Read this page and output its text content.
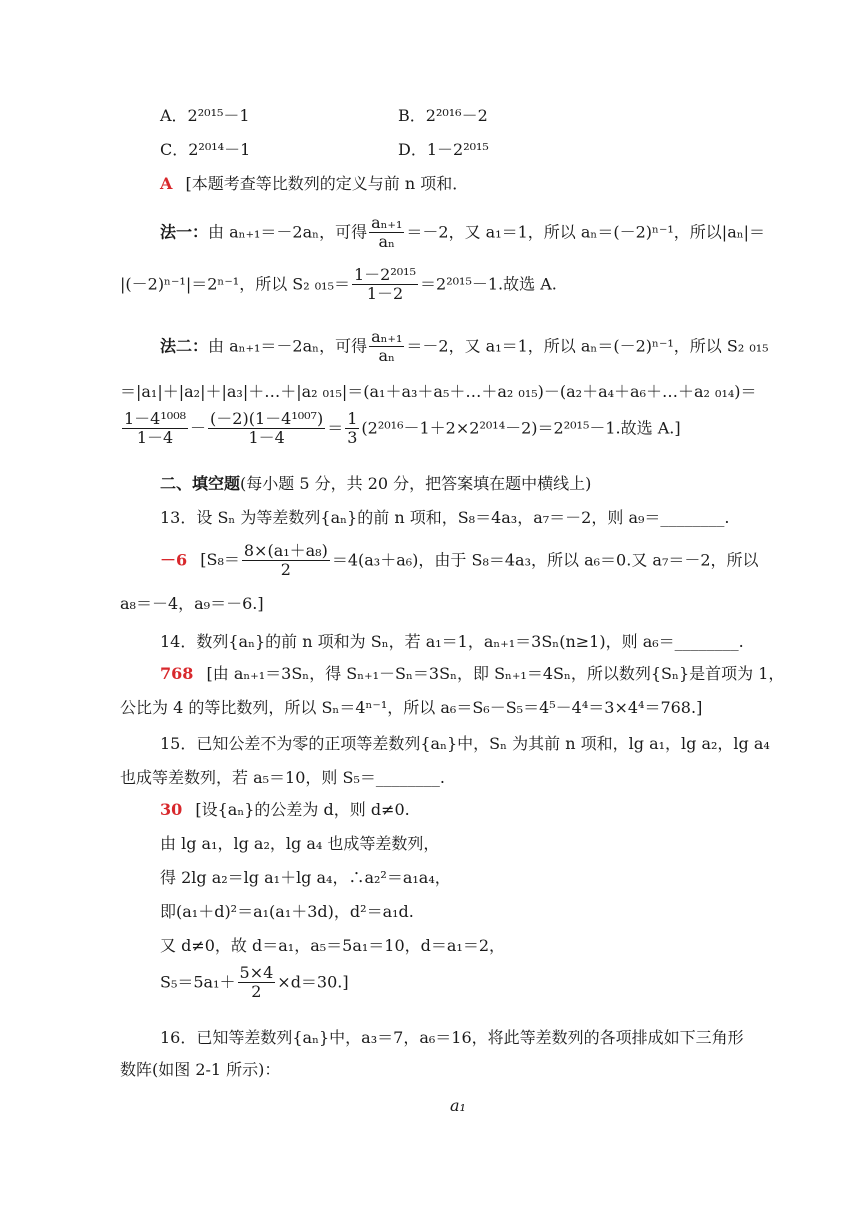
A．2²⁰¹⁵－1	B．2²⁰¹⁶－2
C．2²⁰¹⁴－1	D．1－2²⁰¹⁵
A [本题考查等比数列的定义与前 n 项和．
法一：由 aₙ₊₁＝－2aₙ，可得 $\frac{\text{aₙ₊₁}}{\text{aₙ}} =-2$，又 a₁＝1，所以 aₙ＝(－2)ⁿ⁻¹，所以|aₙ|＝
|(－2)ⁿ⁻¹|＝2ⁿ⁻¹，所以 S₂ $_{015}= \frac{\text{1－2²⁰¹⁵}}{1-2} =2^{2015}-1$.故选 A.
法二：由 aₙ₊₁＝－2aₙ，可得 $\frac{\text{aₙ₊₁}}{\text{aₙ}} =-2$，又 a₁＝1，所以 aₙ＝(－2)ⁿ⁻¹，所以 S₂ ₀₁₅
＝|a₁|＋|a₂|＋|a₃|＋…＋|a₂ ₀₁₅|＝(a₁＋a₃＋a₅＋…＋a₂ ₀₁₅)－(a₂＋a₄＋a₆＋…＋a₂ ₀₁₄)＝
$\frac{\text{1－4¹⁰⁰⁸}}{1-4} - \frac{\text{(－2)(1－4¹⁰⁰⁷)}}{1-4} = \frac{1}{3} (2^{2016}-1+2\times 2^{2014}-2)=2^{2015}-1$.故选 A.]
二、填空题(每小题 5 分，共 20 分，把答案填在题中横线上)
13．设 Sₙ 为等差数列{aₙ}的前 n 项和，S₈＝4a₃，a₇＝－2，则 a₉＝________.
－6 [$S_8= \frac{\text{8×(a₁＋a₈)}}{2} =4(a_3+a_6)$，由于 S₈＝4a₃，所以 a₆＝0.又 a₇＝－2，所以
a₈＝－4，a₉＝－6.]
14．数列{aₙ}的前 n 项和为 Sₙ，若 a₁＝1，aₙ₊₁＝3Sₙ(n≥1)，则 a₆＝________.
768 [由 aₙ₊₁＝3Sₙ，得 Sₙ₊₁－Sₙ＝3Sₙ，即 Sₙ₊₁＝4Sₙ，所以数列{Sₙ}是首项为 1，
公比为 4 的等比数列，所以 Sₙ＝4ⁿ⁻¹，所以 a₆＝S₆－S₅＝4⁵－4⁴＝3×4⁴＝768.]
15．已知公差不为零的正项等差数列{aₙ}中，Sₙ 为其前 n 项和，lg a₁，lg a₂，lg a₄
也成等差数列，若 a₅＝10，则 S₅＝________.
30 [设{aₙ}的公差为 d，则 d≠0.
由 lg a₁，lg a₂，lg a₄ 也成等差数列，
得 2lg a₂＝lg a₁＋lg a₄，∴a₂²＝a₁a₄，
即(a₁＋d)²＝a₁(a₁＋3d)，d²＝a₁d.
又 d≠0，故 d＝a₁，a₅＝5a₁＝10，d＝a₁＝2，
$S_5=5a_1+ \frac{5\times 4}{2} \times d=30$.]
16．已知等差数列{aₙ}中，a₃＝7，a₆＝16，将此等差数列的各项排成如下三角形
数阵(如图 2-1 所示)：
a₁
